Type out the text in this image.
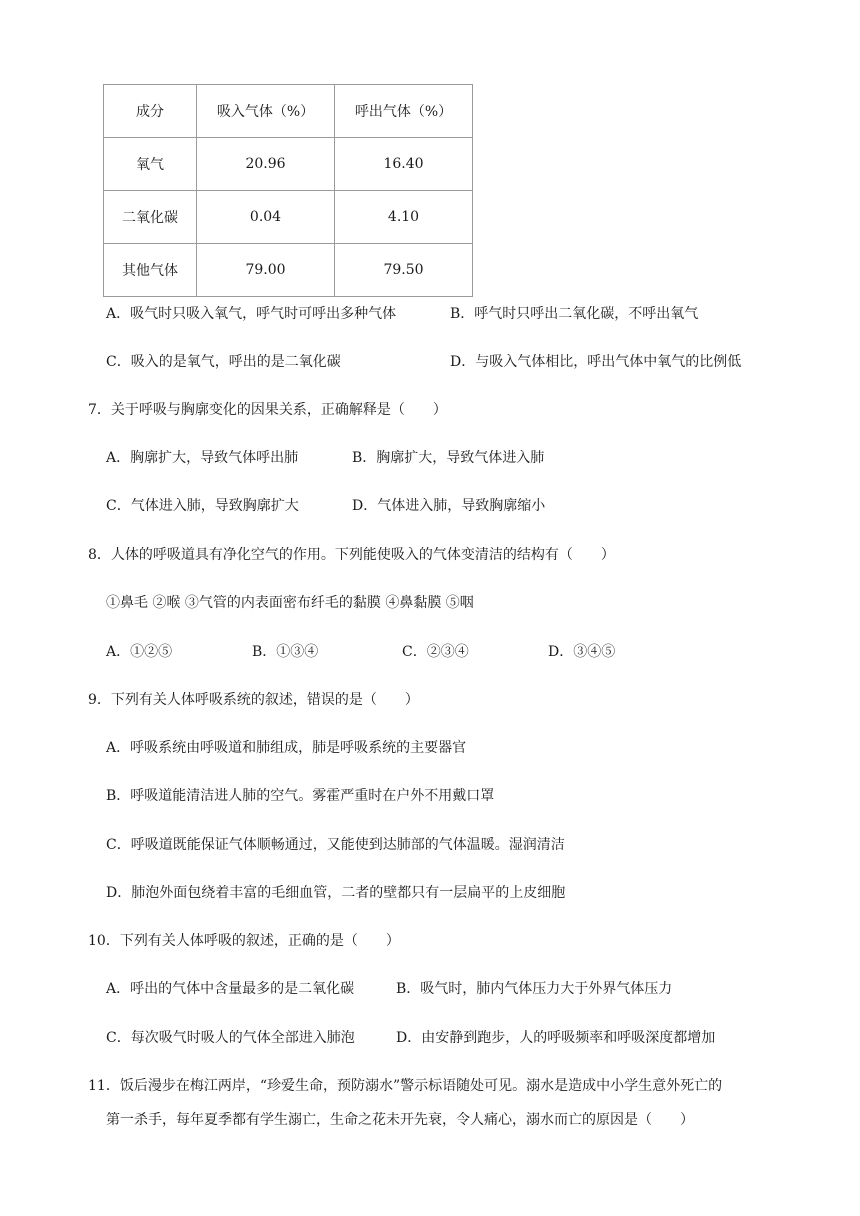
成分	吸入气体（%）	呼出气体（%）
氧气	20.96	16.40
二氧化碳	0.04	4.10
其他气体	79.00	79.50
A．吸气时只吸入氧气，呼气时可呼出多种气体	B．呼气时只呼出二氧化碳，不呼出氧气
C．吸入的是氧气，呼出的是二氧化碳	D．与吸入气体相比，呼出气体中氧气的比例低
7．关于呼吸与胸廓变化的因果关系，正确解释是（　　）
A．胸廓扩大，导致气体呼出肺	B．胸廓扩大，导致气体进入肺
C．气体进入肺，导致胸廓扩大	D．气体进入肺，导致胸廓缩小
8．人体的呼吸道具有净化空气的作用。下列能使吸入的气体变清洁的结构有（　　）
①鼻毛 ②喉 ③气管的内表面密布纤毛的黏膜 ④鼻黏膜 ⑤咽
A．①②⑤	B．①③④	C．②③④	D．③④⑤
9．下列有关人体呼吸系统的叙述，错误的是（　　）
A．呼吸系统由呼吸道和肺组成，肺是呼吸系统的主要器官
B．呼吸道能清洁进人肺的空气。雾霍严重时在户外不用戴口罩
C．呼吸道既能保证气体顺畅通过，又能使到达肺部的气体温暖。湿润清洁
D．肺泡外面包绕着丰富的毛细血管，二者的壁都只有一层扁平的上皮细胞
10．下列有关人体呼吸的叙述，正确的是（　　）
A．呼出的气体中含量最多的是二氧化碳	B．吸气时，肺内气体压力大于外界气体压力
C．每次吸气时吸人的气体全部进入肺泡	D．由安静到跑步，人的呼吸频率和呼吸深度都增加
11．饭后漫步在梅江两岸，“珍爱生命，预防溺水”警示标语随处可见。溺水是造成中小学生意外死亡的
第一杀手，每年夏季都有学生溺亡，生命之花未开先衰，令人痛心，溺水而亡的原因是（　　）
